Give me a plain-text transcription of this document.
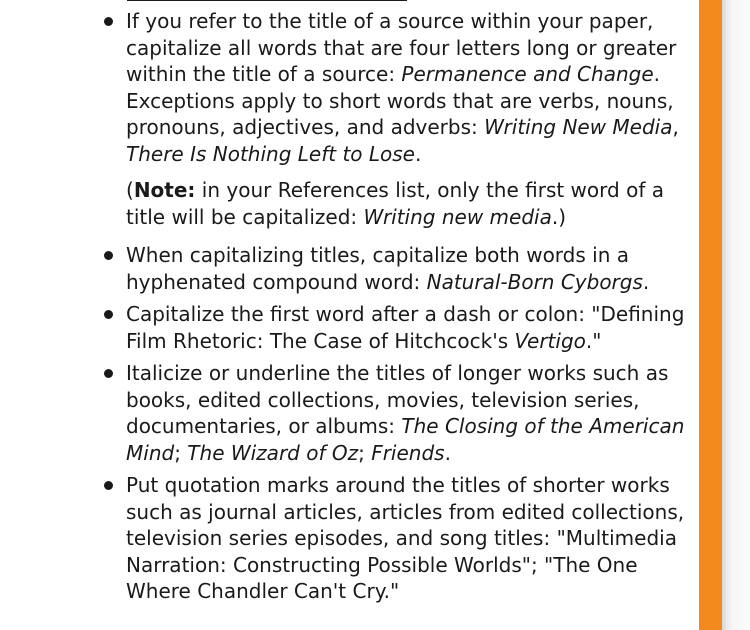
If you refer to the title of a source within your paper, capitalize all words that are four letters long or greater within the title of a source: Permanence and Change. Exceptions apply to short words that are verbs, nouns, pronouns, adjectives, and adverbs: Writing New Media, There Is Nothing Left to Lose.
(Note: in your References list, only the first word of a title will be capitalized: Writing new media.)
When capitalizing titles, capitalize both words in a hyphenated compound word: Natural-Born Cyborgs.
Capitalize the first word after a dash or colon: "Defining Film Rhetoric: The Case of Hitchcock's Vertigo."
Italicize or underline the titles of longer works such as books, edited collections, movies, television series, documentaries, or albums: The Closing of the American Mind; The Wizard of Oz; Friends.
Put quotation marks around the titles of shorter works such as journal articles, articles from edited collections, television series episodes, and song titles: "Multimedia Narration: Constructing Possible Worlds"; "The One Where Chandler Can't Cry."
